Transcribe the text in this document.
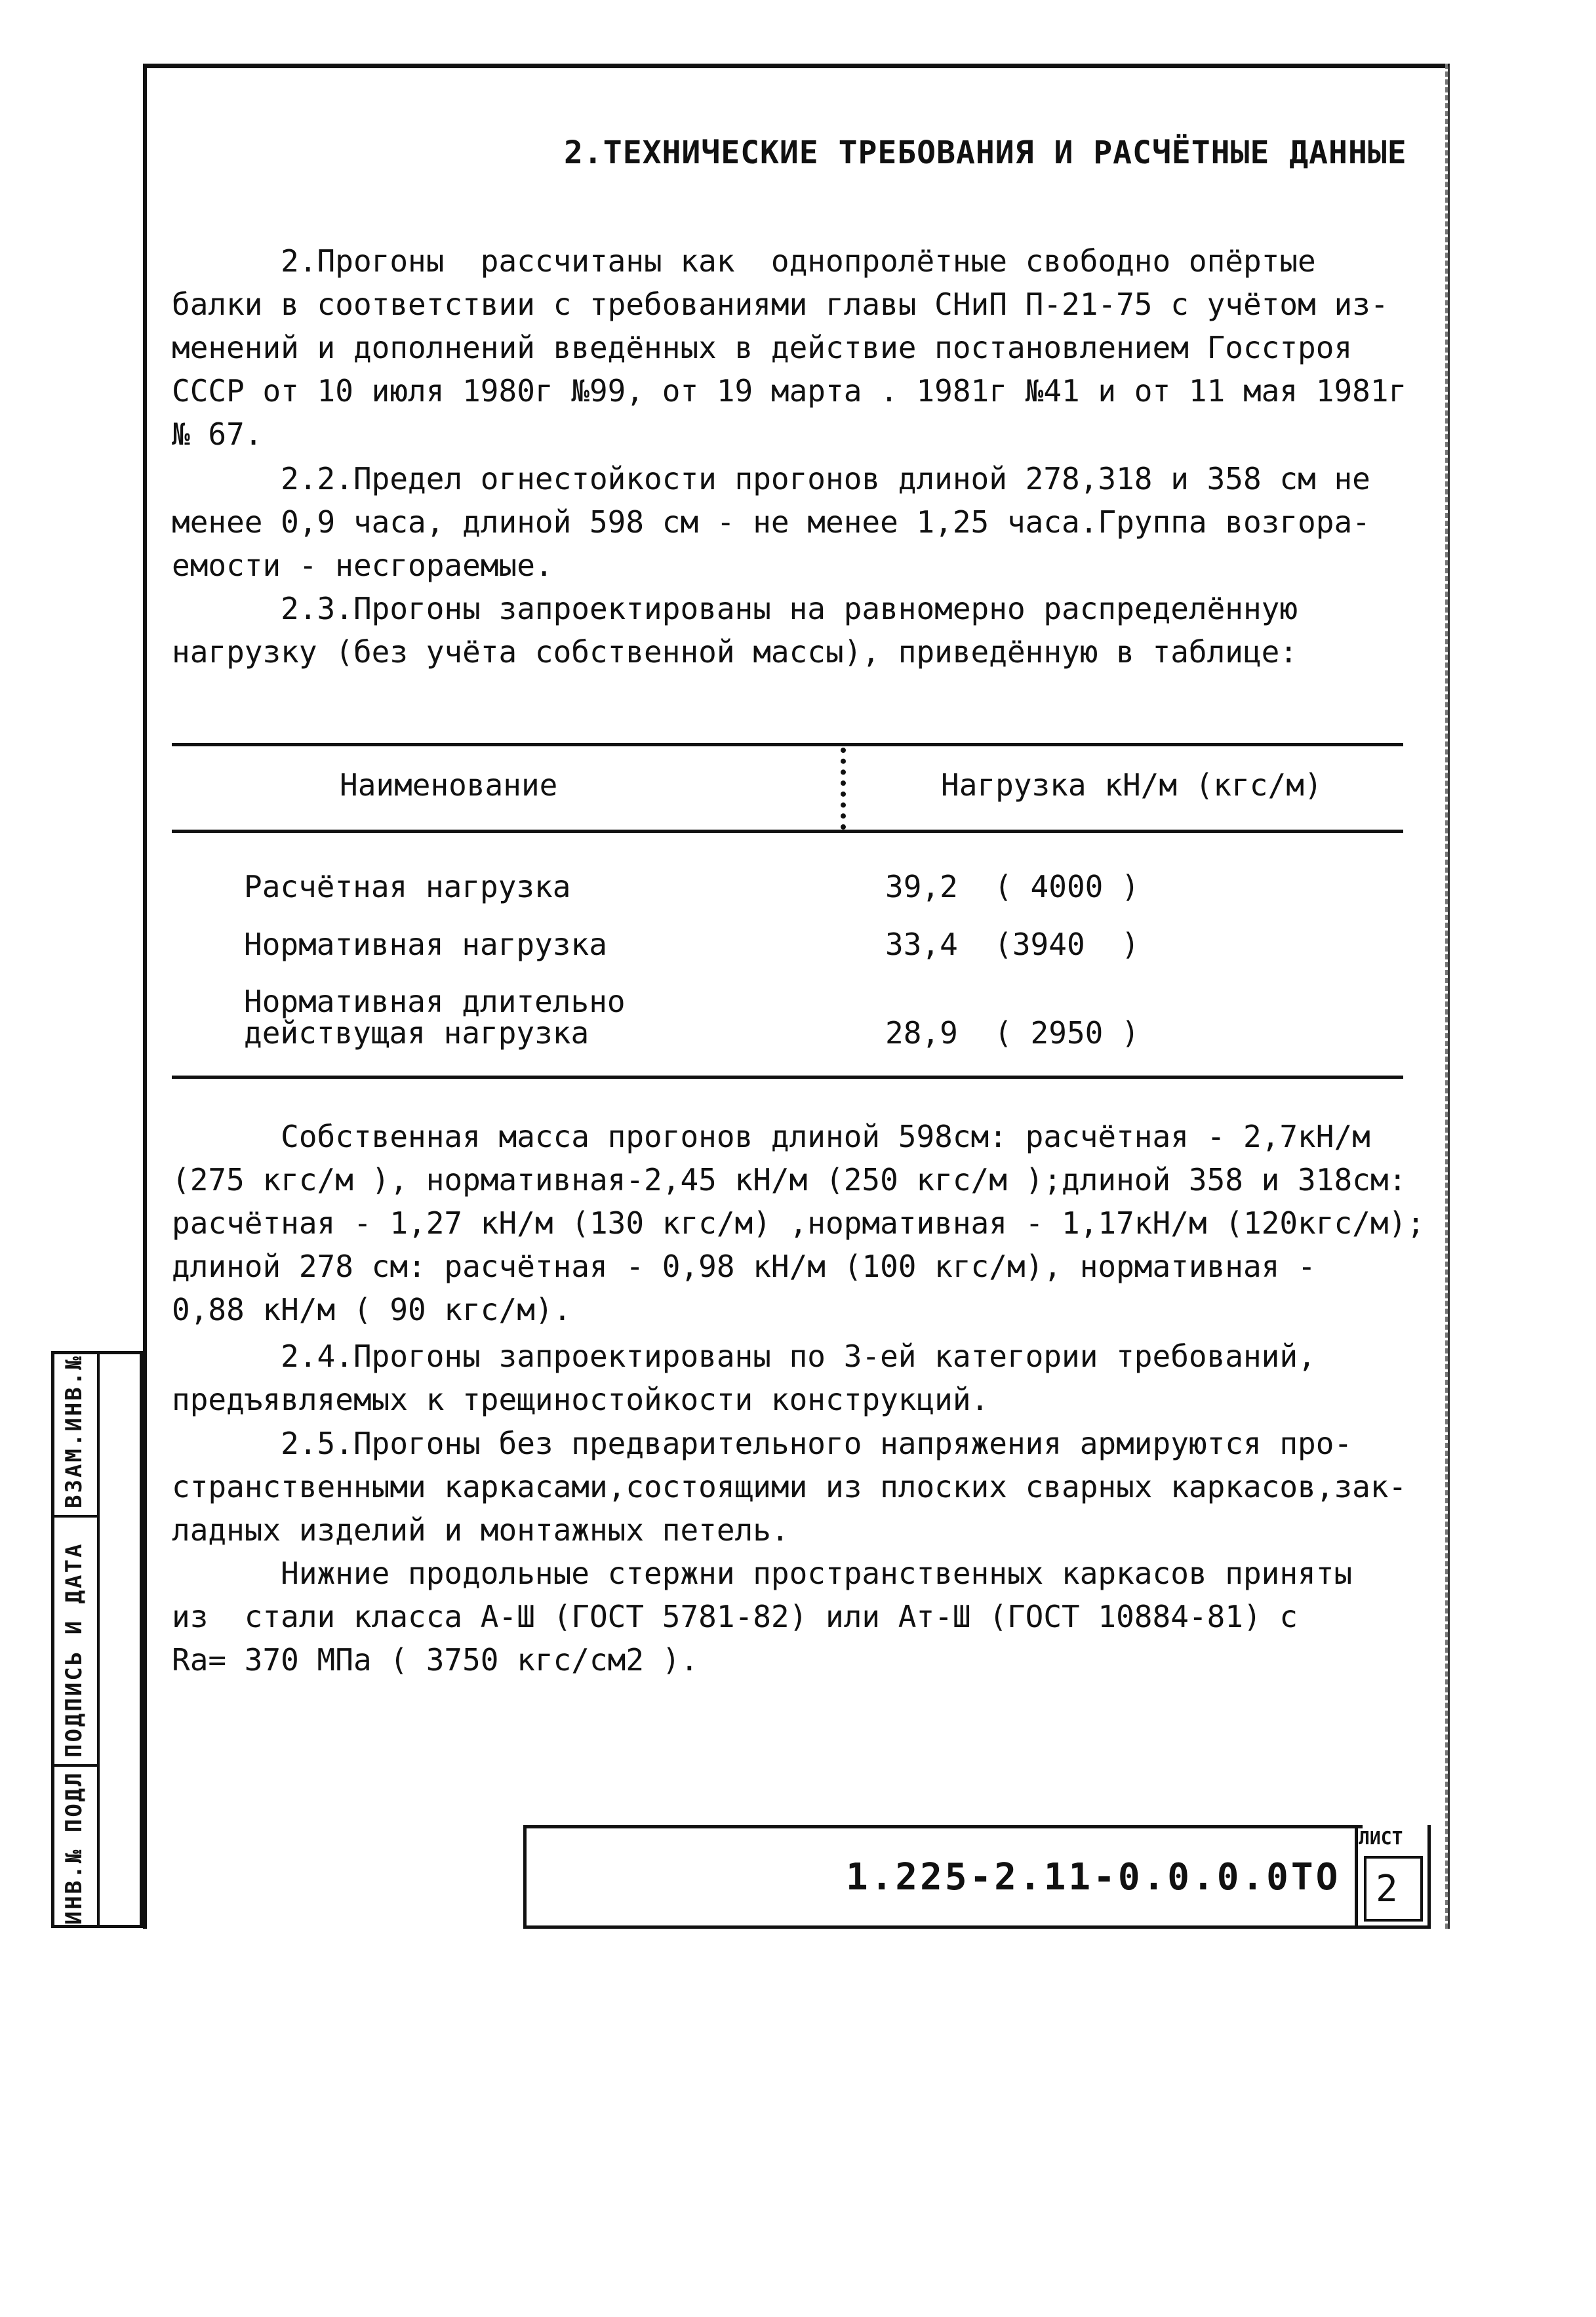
2.ТЕХНИЧЕСКИЕ ТРЕБОВАНИЯ И РАСЧЁТНЫЕ ДАННЫЕ
2.Прогоны  рассчитаны как  однопролётные свободно опёртые
балки в соответствии с требованиями главы СНиП П-21-75 с учётом из-
менений и дополнений введённых в действие постановлением Госстроя
СССР от 10 июля 1980г №99, от 19 марта . 1981г №41 и от 11 мая 1981г
№ 67.
2.2.Предел огнестойкости прогонов длиной 278,318 и 358 см не
менее 0,9 часа, длиной 598 см - не менее 1,25 часа.Группа возгора-
емости - несгораемые.
2.3.Прогоны запроектированы на равномерно распределённую
нагрузку (без учёта собственной массы), приведённую в таблице:
Наименование	Нагрузка кН/м (кгс/м)
Расчётная нагрузка	39,2  ( 4000 )
Нормативная нагрузка	33,4  (3940  )
Нормативная длительно
действущая нагрузка	28,9  ( 2950 )
Собственная масса прогонов длиной 598см: расчётная - 2,7кН/м
(275 кгс/м ), нормативная-2,45 кН/м (250 кгс/м );длиной 358 и 318см:
расчётная - 1,27 кН/м (130 кгс/м) ,нормативная - 1,17кН/м (120кгс/м);
длиной 278 см: расчётная - 0,98 кН/м (100 кгс/м), нормативная -
0,88 кН/м ( 90 кгс/м).
2.4.Прогоны запроектированы по 3-ей категории требований,
предъявляемых к трещиностойкости конструкций.
2.5.Прогоны без предварительного напряжения армируются про-
странственными каркасами,состоящими из плоских сварных каркасов,зак-
ладных изделий и монтажных петель.
Нижние продольные стержни пространственных каркасов приняты
из  стали класса А-Ш (ГОСТ 5781-82) или Ат-Ш (ГОСТ 10884-81) с
Rа= 370 МПа ( 3750 кгс/см2 ).
1.225-2.11-0.0.0.0ТО
ЛИСТ
2
ИНВ.№ ПОДЛ
ПОДПИСЬ И ДАТА
ВЗАМ.ИНВ.№
